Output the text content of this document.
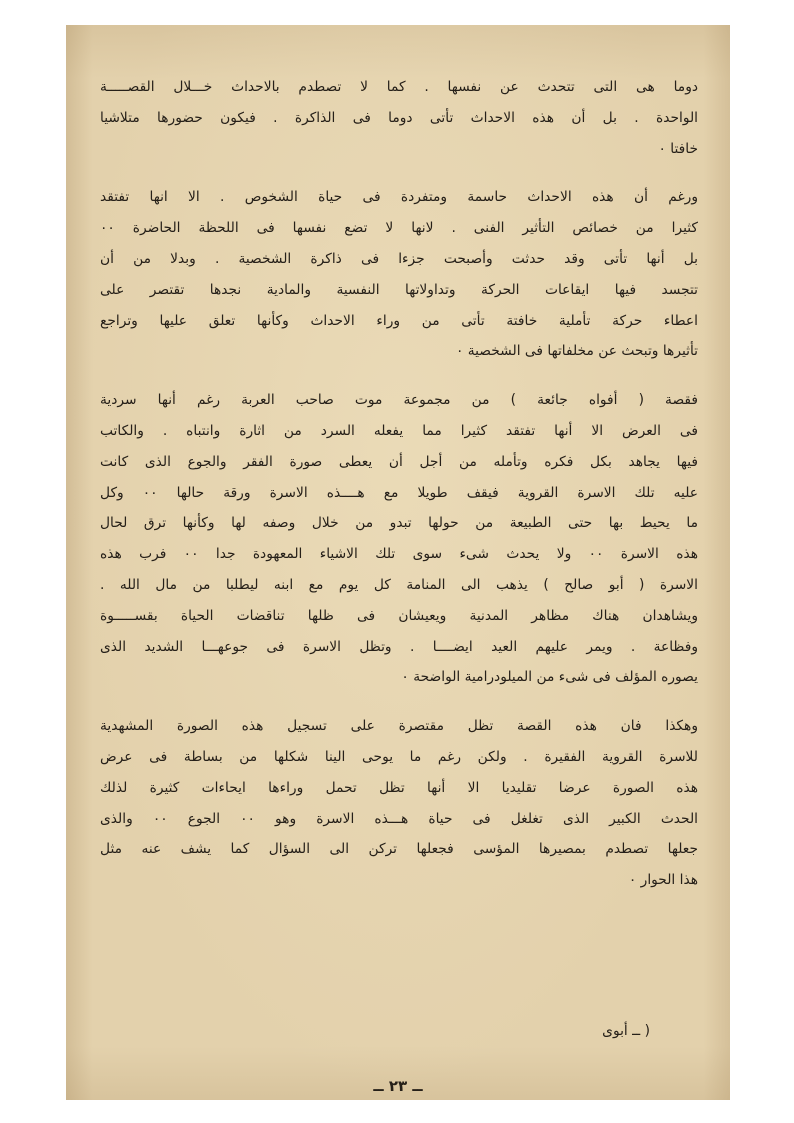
دوما هى التى تتحدث عن نفسها . كما لا تصطدم بالاحداث خـــلال القصـــــة
الواحدة . بل أن هذه الاحداث تأتى دوما فى الذاكرة . فيكون حضورها متلاشيا
خافتا ٠
ورغم أن هذه الاحداث حاسمة ومتفردة فى حياة الشخوص . الا انها تفتقد
كثيرا من خصائص التأثير الفنى . لانها لا تضع نفسها فى اللحظة الحاضرة ٠٠
بل أنها تأتى وقد حدثت وأصبحت جزءا فى ذاكرة الشخصية . وبدلا من أن
تتجسد فيها ايقاعات الحركة وتداولاتها النفسية والمادية نجدها تقتصر على
اعطاء حركة تأملية خافتة تأتى من وراء الاحداث وكأنها تعلق عليها وتراجع
تأثيرها وتبحث عن مخلفاتها فى الشخصية ٠
فقصة ( أفواه جائعة ) من مجموعة موت صاحب العربة رغم أنها سردية
فى العرض الا أنها تفتقد كثيرا مما يفعله السرد من اثارة وانتباه . والكاتب
فيها يجاهد بكل فكره وتأمله من أجل أن يعطى صورة الفقر والجوع الذى كانت
عليه تلك الاسرة القروية فيقف طويلا مع هــــذه الاسرة ورقة حالها ٠٠ وكل
ما يحيط بها حتى الطبيعة من حولها تبدو من خلال وصفه لها وكأنها ترق لحال
هذه الاسرة ٠٠ ولا يحدث شىء سوى تلك الاشياء المعهودة جدا ٠٠ فرب هذه
الاسرة ( أبو صالح ) يذهب الى المنامة كل يوم مع ابنه ليطلبا من مال الله .
ويشاهدان هناك مظاهر المدنية ويعيشان فى ظلها تناقضات الحياة بقســـــوة
وفظاعة . ويمر عليهم العيد ايضــــا . وتظل الاسرة فى جوعهـــا الشديد الذى
يصوره المؤلف فى شىء من الميلودرامية الواضحة ٠
وهكذا فان هذه القصة تظل مقتصرة على تسجيل هذه الصورة المشهدية
للاسرة القروية الفقيرة . ولكن رغم ما يوحى الينا شكلها من بساطة فى عرض
هذه الصورة عرضا تقليديا الا أنها تظل تحمل وراءها ايحاءات كثيرة لذلك
الحدث الكبير الذى تغلغل فى حياة هـــذه الاسرة وهو ٠٠ الجوع ٠٠ والذى
جعلها تصطدم بمصيرها المؤسى فجعلها تركن الى السؤال كما يشف عنه مثل
هذا الحوار ٠
( ــ أبوى
ــ ٢٣ ــ
